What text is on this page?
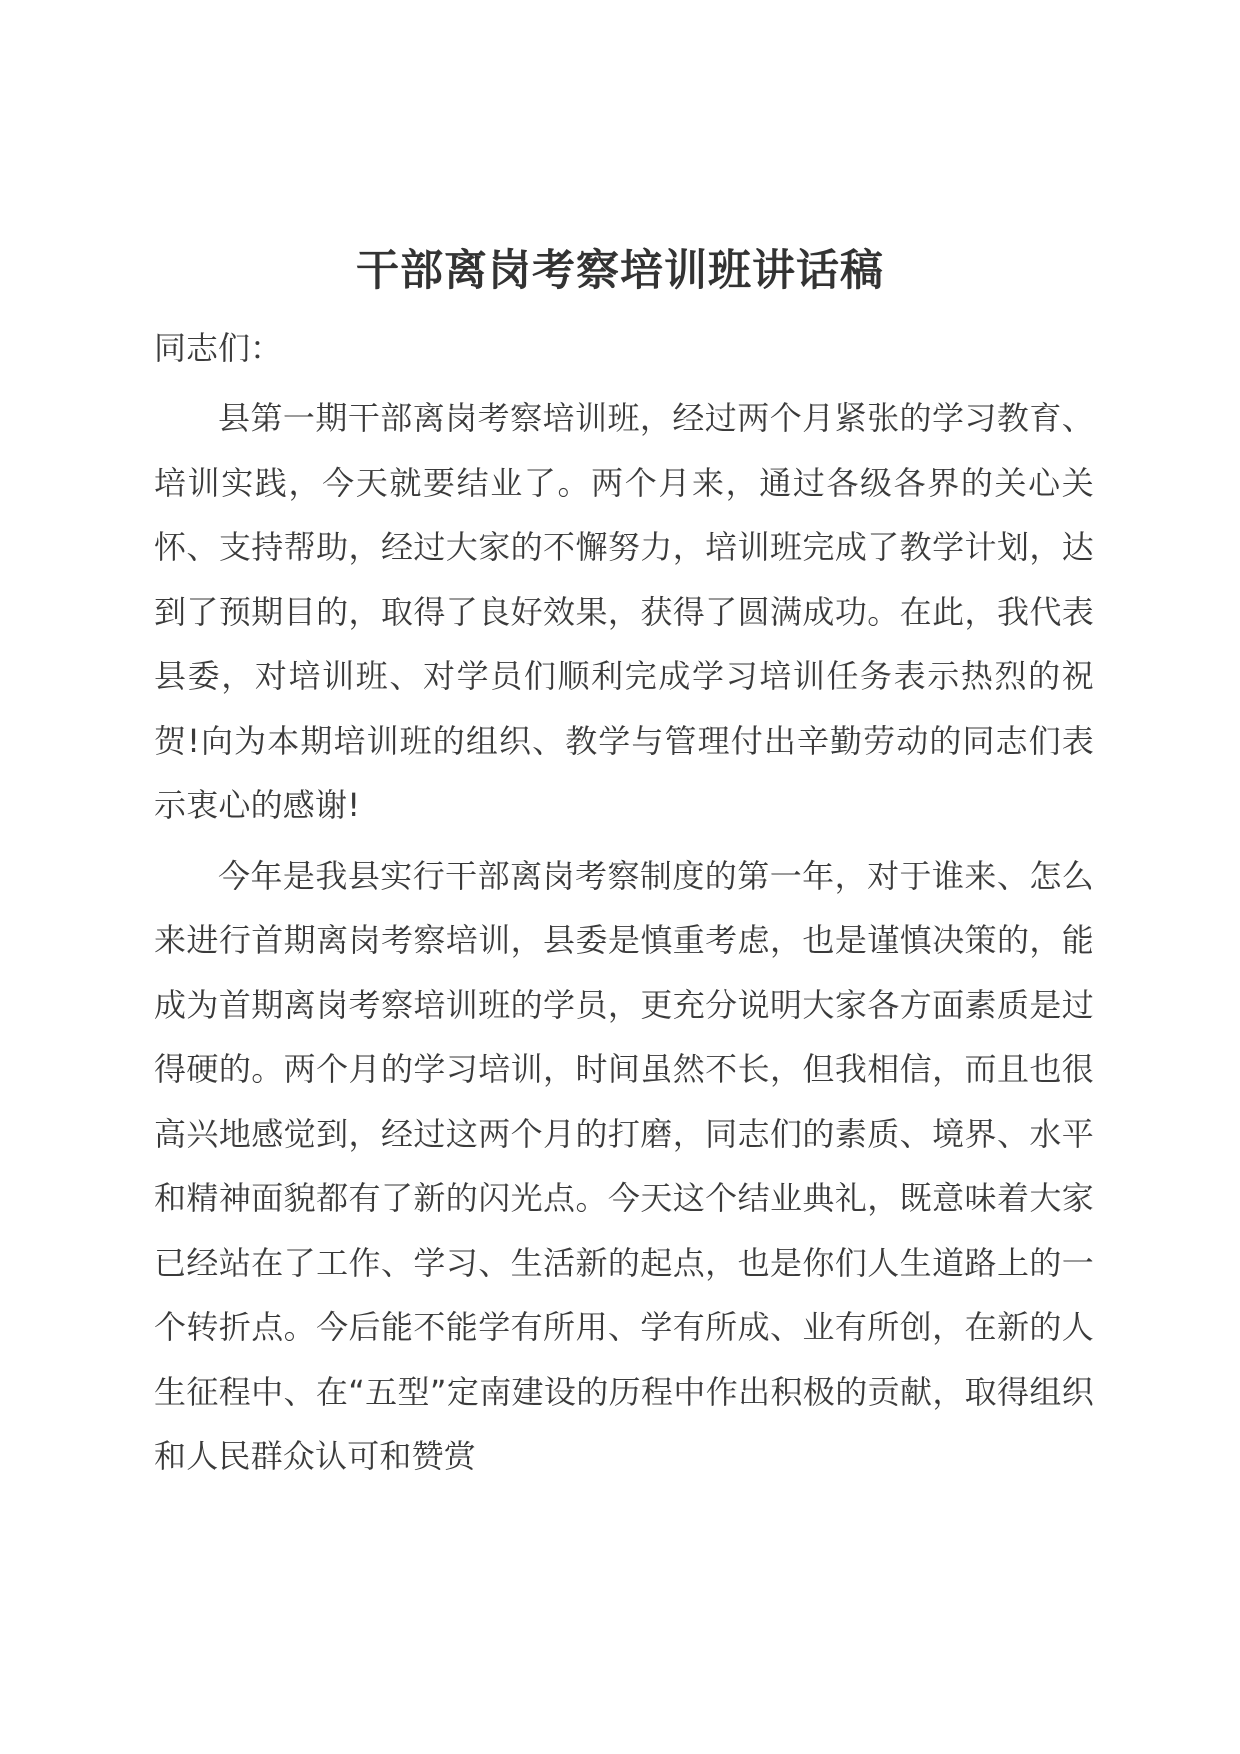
干部离岗考察培训班讲话稿
同志们：

县第一期干部离岗考察培训班，经过两个月紧张的学习教育、培训实践，今天就要结业了。两个月来，通过各级各界的关心关怀、支持帮助，经过大家的不懈努力，培训班完成了教学计划，达到了预期目的，取得了良好效果，获得了圆满成功。在此，我代表县委，对培训班、对学员们顺利完成学习培训任务表示热烈的祝贺!向为本期培训班的组织、教学与管理付出辛勤劳动的同志们表示衷心的感谢!

今年是我县实行干部离岗考察制度的第一年，对于谁来、怎么来进行首期离岗考察培训，县委是慎重考虑，也是谨慎决策的，能成为首期离岗考察培训班的学员，更充分说明大家各方面素质是过得硬的。两个月的学习培训，时间虽然不长，但我相信，而且也很高兴地感觉到，经过这两个月的打磨，同志们的素质、境界、水平和精神面貌都有了新的闪光点。今天这个结业典礼，既意味着大家已经站在了工作、学习、生活新的起点，也是你们人生道路上的一个转折点。今后能不能学有所用、学有所成、业有所创，在新的人生征程中、在“五型”定南建设的历程中作出积极的贡献，取得组织和人民群众认可和赞赏
